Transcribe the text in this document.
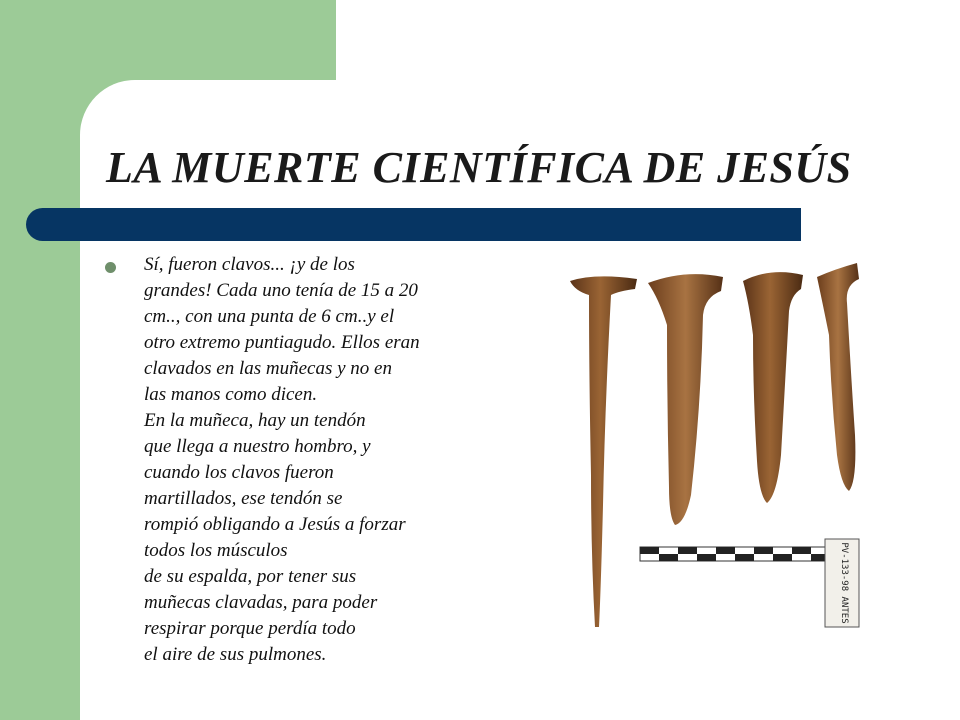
LA MUERTE CIENTÍFICA DE JESÚS
Sí, fueron clavos... ¡y de los
grandes! Cada uno tenía de 15 a 20
cm.., con una punta de 6 cm..y el
otro extremo puntiagudo. Ellos eran
clavados en las muñecas y no en
las manos como dicen.
En la muñeca, hay un tendón
que llega a nuestro hombro, y
cuando los clavos fueron
martillados, ese tendón se
rompió obligando a Jesús a forzar
todos los músculos
de su espalda, por tener sus
muñecas clavadas, para poder
respirar porque perdía todo
el aire de sus pulmones.
PV-133-98 ANTES
